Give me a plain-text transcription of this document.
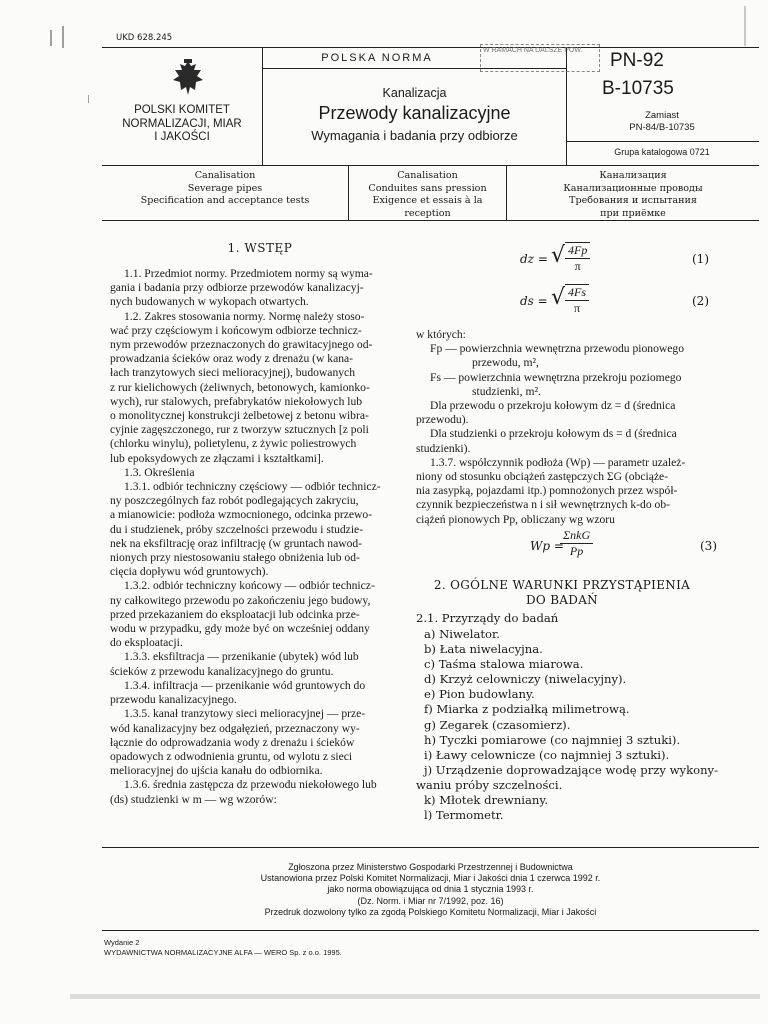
UKD 628.245
POLSKI KOMITET
NORMALIZACJI, MIAR
I JAKOŚCI
POLSKA NORMA
W RAMACH NA DALSZE POW.	PN-92
B-10735
Zamiast
PN-84/B-10735
Grupa katalogowa 0721
Kanalizacja
Przewody kanalizacyjne
Wymagania i badania przy odbiorze
Canalisation
Severage pipes
Specification and acceptance tests
Canalisation
Conduites sans pression
Exigence et essais à la reception
Канализация
Канализационные проводы
Требования и испытания
при приёмке
1. WSTĘP
1.1. Przedmiot normy. Przedmiotem normy są wyma-
gania i badania przy odbiorze przewodów kanalizacyj-
nych budowanych w wykopach otwartych.
1.2. Zakres stosowania normy. Normę należy stoso-
wać przy częściowym i końcowym odbiorze technicz-
nym przewodów przeznaczonych do grawitacyjnego od-
prowadzania ścieków oraz wody z drenażu (w kana-
łach tranzytowych sieci melioracyjnej), budowanych
z rur kielichowych (żeliwnych, betonowych, kamionko-
wych), rur stalowych, prefabrykatów niekołowych lub
o monolitycznej konstrukcji żelbetowej z betonu wibra-
cyjnie zagęszczonego, rur z tworzyw sztucznych [z poli
(chlorku winylu), polietylenu, z żywic poliestrowych
lub epoksydowych ze złączami i kształtkami].
1.3. Określenia
1.3.1. odbiór techniczny częściowy — odbiór technicz-
ny poszczególnych faz robót podlegających zakryciu,
a mianowicie: podłoża wzmocnionego, odcinka przewo-
du i studzienek, próby szczelności przewodu i studzie-
nek na eksfiltrację oraz infiltrację (w gruntach nawod-
nionych przy niestosowaniu stałego obniżenia lub od-
cięcia dopływu wód gruntowych).
1.3.2. odbiór techniczny końcowy — odbiór technicz-
ny całkowitego przewodu po zakończeniu jego budowy,
przed przekazaniem do eksploatacji lub odcinka prze-
wodu w przypadku, gdy może być on wcześniej oddany
do eksploatacji.
1.3.3. eksfiltracja — przenikanie (ubytek) wód lub
ścieków z przewodu kanalizacyjnego do gruntu.
1.3.4. infiltracja — przenikanie wód gruntowych do
przewodu kanalizacyjnego.
1.3.5. kanał tranzytowy sieci melioracyjnej — prze-
wód kanalizacyjny bez odgałęzień, przeznaczony wy-
łącznie do odprowadzania wody z drenażu i ścieków
opadowych z odwodnienia gruntu, od wylotu z sieci
melioracyjnej do ujścia kanału do odbiornika.
1.3.6. średnia zastępcza dz przewodu niekołowego lub
(ds) studzienki w m — wg wzorów:
dz = √ $\frac{4Fp}{\pi}$	(1)
ds = √ $\frac{4Fs}{\pi}$	(2)
w których:
Fp — powierzchnia wewnętrzna przewodu pionowego
przewodu, m²,
Fs — powierzchnia wewnętrzna przekroju poziomego
studzienki, m².
Dla przewodu o przekroju kołowym dz = d (średnica
przewodu).
Dla studzienki o przekroju kołowym ds = d (średnica
studzienki).
1.3.7. współczynnik podłoża (Wp) — parametr uzależ-
niony od stosunku obciążeń zastępczych ΣG (obciąże-
nia zasypką, pojazdami itp.) pomnożonych przez współ-
czynnik bezpieczeństwa n i sił wewnętrznych k-do ob-
ciążeń pionowych Pp, obliczany wg wzoru
Wp =
ΣnkG
Pp	(3)
2. OGÓLNE WARUNKI PRZYSTĄPIENIA
DO BADAŃ
2.1. Przyrządy do badań
a) Niwelator.
b) Łata niwelacyjna.
c) Taśma stalowa miarowa.
d) Krzyż celowniczy (niwelacyjny).
e) Pion budowlany.
f) Miarka z podziałką milimetrową.
g) Zegarek (czasomierz).
h) Tyczki pomiarowe (co najmniej 3 sztuki).
i) Ławy celownicze (co najmniej 3 sztuki).
j) Urządzenie doprowadzające wodę przy wykony-
waniu próby szczelności.
k) Młotek drewniany.
l) Termometr.
Zgłoszona przez Ministerstwo Gospodarki Przestrzennej i Budownictwa
Ustanowiona przez Polski Komitet Normalizacji, Miar i Jakości dnia 1 czerwca 1992 r.
jako norma obowiązująca od dnia 1 stycznia 1993 r.
(Dz. Norm. i Miar nr 7/1992, poz. 16)
Przedruk dozwolony tylko za zgodą Polskiego Komitetu Normalizacji, Miar i Jakości
Wydanie 2
WYDAWNICTWA NORMALIZACYJNE ALFA — WERO Sp. z o.o. 1995.
